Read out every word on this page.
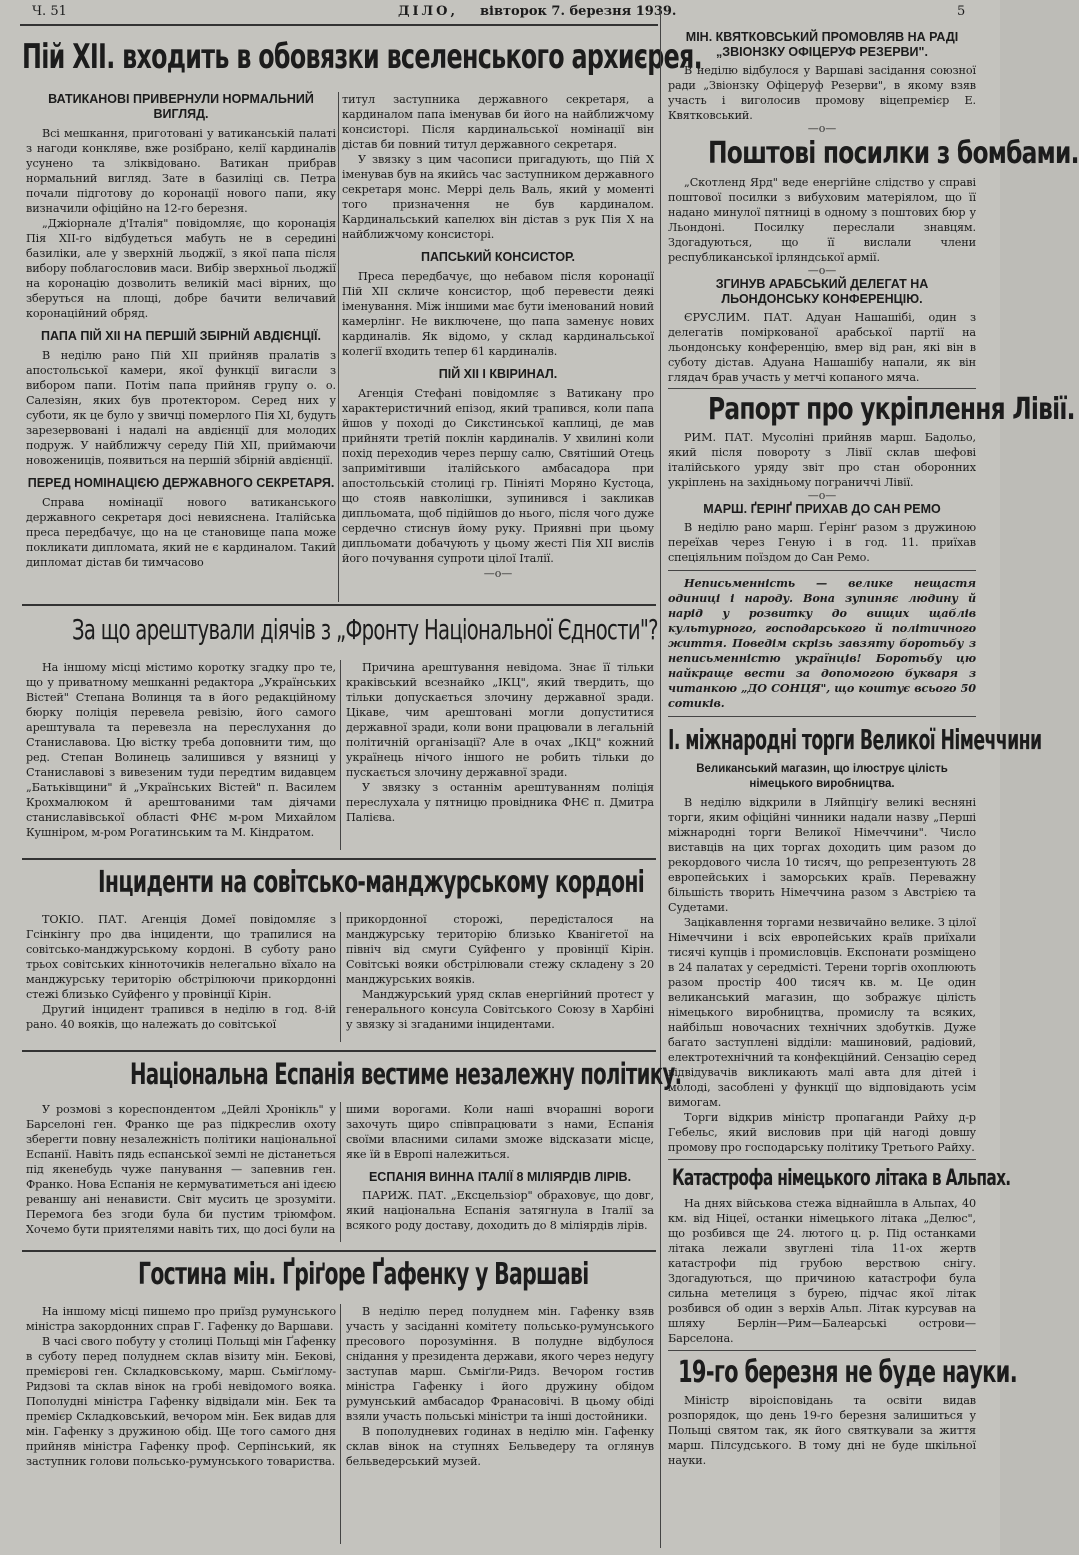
Ч. 51	ДІЛО, вівторок 7. березня 1939.	5
Пій XII. входить в обовязки вселенського архиєрея.

ВАТИКАНОВІ ПРИВЕРНУЛИ НОРМАЛЬНИЙ ВИГЛЯД.

Всі мешкання, приготовані у ватиканській палаті з нагоди конкляве, вже розібрано, келії кардиналів усунено та зліквідовано. Ватикан прибрав нормальний вигляд. Зате в базиліці св. Петра почали підготову до коронації нового папи, яку визначили офіційно на 12-го березня.

„Джіорнале д'Італія" повідомляє, що коронація Пія XII-го відбудеться мабуть не в середині базиліки, але у зверхній льоджії, з якої папа після вибору поблагословив маси. Вибір зверхньої льоджії на коронацію дозволить великій масі вірних, що зберуться на площі, добре бачити величавий коронаційний обряд.

ПАПА ПІЙ XII НА ПЕРШІЙ ЗБІРНІЙ АВДІЄНЦІЇ.

В неділю рано Пій XII прийняв пралатів з апостольської камери, якої функції вигасли з вибором папи. Потім папа прийняв групу о. о. Салезіян, яких був протектором. Серед них у суботи, як це було у звичці померлого Пія XI, будуть зарезервовані і надалі на авдієнції для молодих подруж. У найближчу середу Пій XII, приймаючи новожениців, появиться на першій збірній авдієнції.

ПЕРЕД НОМІНАЦІЄЮ ДЕРЖАВНОГО СЕКРЕТАРЯ.

Справа номінації нового ватиканського державного секретаря досі невияснена. Італійська преса передбачує, що на це становище папа може покликати дипломата, який не є кардиналом. Такий дипломат дістав би тимчасово

титул заступника державного секретаря, а кардиналом папа іменував би його на найближчому консисторі. Після кардинальської номінації він дістав би повний титул державного секретаря.

У звязку з цим часописи пригадують, що Пій X іменував був на якийсь час заступником державного секретаря монс. Меррі дель Валь, який у моменті того призначення не був кардиналом. Кардинальський капелюх він дістав з рук Пія X на найближчому консисторі.

ПАПСЬКИЙ КОНСИСТОР.

Преса передбачує, що небавом після коронації Пій XII скличе консистор, щоб перевести деякі іменування. Між іншими має бути іменований новий камерлінг. Не виключене, що папа заменує нових кардиналів. Як відомо, у склад кардинальської колегії входить тепер 61 кардиналів.

ПІЙ XII І КВІРИНАЛ.

Агенція Стефані повідомляє з Ватикану про характеристичний епізод, який трапився, коли папа йшов у поході до Сикстинської каплиці, де мав прийняти третій поклін кардиналів. У хвилині коли похід переходив через першу салю, Святіший Отець запримітивши італійського амбасадора при апостольській столиці гр. Пініяті Моряно Кустоца, що стояв навколішки, зупинився і закликав дипльомата, щоб підійшов до нього, після чого дуже сердечно стиснув йому руку. Приявні при цьому дипльомати добачують у цьому жесті Пія XII вислів його почування супроти цілої Італії.

—о—

За що арештували діячів з „Фронту Національної Єдности"?

На іншому місці містимо коротку згадку про те, що у приватному мешканні редактора „Українських Вістей" Степана Волинця та в його редакційному бюрку поліція перевела ревізію, його самого арештувала та перевезла на переслухання до Станиславова. Цю вістку треба доповнити тим, що ред. Степан Волинець залишився у вязниці у Станиславові з вивезеним туди передтим видавцем „Батьківщини" й „Українських Вістей" п. Василем Крохмалюком й арештованими там діячами станиславівської області ФНЄ м-ром Михайлом Кушніром, м-ром Рогатинським та М. Кіндратом.

Причина арештування невідома. Знає її тільки краківський всезнайко „ІКЦ", який твердить, що тільки допускається злочину державної зради. Цікаве, чим арештовані могли допуститися державної зради, коли вони працювали в легальній політичній організації? Але в очах „ІКЦ" кожний українець нічого іншого не робить тільки до пускається злочину державної зради.

У звязку з останнім арештуванням поліція переслухала у пятницю провідника ФНЄ п. Дмитра Палієва.

Інциденти на совітсько-манджурському кордоні

ТОКІО. ПАТ. Агенція Домеї повідомляє з Гсінкінгу про два інциденти, що трапилися на совітсько-манджурському кордоні. В суботу рано трьох совітських кінноточиків нелегально вїхало на манджурську територію обстрілюючи прикордонні стежі близько Суйфенго у провінції Кірін.

Другий інцидент трапився в неділю в год. 8-ій рано. 40 вояків, що належать до совітської

прикордонної сторожі, передісталося на манджурську територію близько Кванігетої на північ від смуги Суйфенго у провінції Кірін. Совітські вояки обстрілювали стежу складену з 20 манджурських вояків.

Манджурський уряд склав енергійний протест у генерального консула Совітського Союзу в Харбіні у звязку зі згаданими інцидентами.

Національна Еспанія вестиме незалежну політику.

У розмові з кореспондентом „Дейлі Хронікль" у Барселоні ген. Франко ще раз підкреслив охоту зберегти повну незалежність політики національної Еспанії. Навіть пядь еспанської землі не дістанеться під якенебудь чуже панування — запевнив ген. Франко. Нова Еспанія не кермуватиметься ані ідеєю реваншу ані ненависти. Світ мусить це зрозуміти. Перемога без згоди була би пустим тріюмфом. Хочемо бути приятелями навіть тих, що досі були на

шими ворогами. Коли наші вчорашні вороги захочуть щиро співпрацювати з нами, Еспанія своїми власними силами зможе відсказати місце, яке їй в Европі належиться.

ЕСПАНІЯ ВИННА ІТАЛІЇ 8 МІЛІЯРДІВ ЛІРІВ.

ПАРИЖ. ПАТ. „Ексцельзіор" обраховує, що довг, який національна Еспанія затягнула в Італії за всякого роду доставу, доходить до 8 міліярдів лірів.

Гостина мін. Ґріґоре Ґафенку у Варшаві

На іншому місці пишемо про приїзд румунського міністра закордонних справ Г. Гафенку до Варшави.

В часі свого побуту у столиці Польщі мін Ґафенку в суботу перед полуднем склав візиту мін. Бекові, премієрові ген. Складковському, марш. Сьміґлому-Ридзові та склав вінок на гробі невідомого вояка. Пополудні міністра Гафенку відвідали мін. Бек та премієр Складковський, вечором мін. Бек видав для мін. Гафенку з дружиною обід. Ще того самого дня прийняв міністра Гафенку проф. Серпінський, як заступник голови польсько-румунського товариства.

В неділю перед полуднем мін. Гафенку взяв участь у засіданні комітету польсько-румунського пресового порозуміння. В полудне відбулося снідання у президента держави, якого через недугу заступав марш. Сьміґли-Ридз. Вечором гостив міністра Гафенку і його дружину обідом румунський амбасадор Франасовічі. В цьому обіді взяли участь польські міністри та інші достойники.

В пополудневих годинах в неділю мін. Гафенку склав вінок на ступнях Бельведеру та оглянув бельведерський музей.

МІН. КВЯТКОВСЬКИЙ ПРОМОВЛЯВ НА РАДІ „ЗВІОНЗКУ ОФІЦЕРУФ РЕЗЕРВИ".

В неділю відбулося у Варшаві засідання союзної ради „Звіонзку Офіцеруф Резерви", в якому взяв участь і виголосив промову віцепремієр Е. Квятковський.

—о—

Поштові посилки з бомбами.

„Скотленд Ярд" веде енергійне слідство у справі поштової посилки з вибуховим матеріялом, що її надано минулої пятниці в одному з поштових бюр у Льондоні. Посилку переслали знавцям. Здогадуються, що її вислали члени республиканської ірляндської армії.

—о—

ЗГИНУВ АРАБСЬКИЙ ДЕЛЕГАТ НА ЛЬОНДОНСЬКУ КОНФЕРЕНЦІЮ.

ЄРУСЛИМ. ПАТ. Адуан Нашашібі, один з делегатів поміркованої арабської партії на льондонську конференцію, вмер від ран, які він в суботу дістав. Адуана Нашашібу напали, як він глядач брав участь у метчі копаного мяча.

Рапорт про укріплення Лівії.

РИМ. ПАТ. Мусоліні прийняв марш. Бадольо, який після повороту з Лівії склав шефові італійського уряду звіт про стан оборонних укріплень на західньому пограниччі Лівії.

—о—

МАРШ. ҐЕРІНҐ ПРИХАВ ДО САН РЕМО

В неділю рано марш. Ґерінґ разом з дружиною переїхав через Геную і в год. 11. приїхав спеціяльним поїздом до Сан Ремо.

Неписьменність — велике нещастя одиниці і народу. Вона зупиняє людину й нарід у розвитку до вищих щаблів культурного, господарського й політичного життя. Поведім скрізь завзяту боротьбу з неписьменністю українців! Боротьбу цю найкраще вести за допомогою букваря з читанкою „ДО СОНЦЯ", що коштує всього 50 сотиків.

І. міжнародні торги Великої Німеччини

Великанський магазин, що ілюструє цілість німецького виробництва.

В неділю відкрили в Ляйпціґу великі весняні торги, яким офіційні чинники надали назву „Перші міжнародні торги Великої Німеччини". Число виставців на цих торгах доходить цим разом до рекордового числа 10 тисяч, що репрезентують 28 европейських і заморських країв. Переважну більшість творить Німеччина разом з Австрією та Судетами.

Зацікавлення торгами незвичайно велике. З цілої Німеччини і всіх европейських країв приїхали тисячі купців і промисловців. Експонати розміщено в 24 палатах у середмісті. Терени торгів охоплюють разом простір 400 тисяч кв. м. Це один великанський магазин, що зображує цілість німецького виробництва, промислу та всяких, найбільш новочасних технічних здобутків. Дуже багато заступлені відділи: машиновий, радіовий, електротехнічний та конфекційний. Сензацію серед відвідувачів викликають малі авта для дітей і молоді, засоблені у функції що відповідають усім вимогам.

Торги відкрив міністр пропаганди Райху д-р Гебельс, який висловив при цій нагоді довшу промову про господарську політику Третього Райху.

Катастрофа німецького літака в Альпах.

На днях військова стежа віднайшла в Альпах, 40 км. від Ніцеї, останки німецького літака „Делюс", що розбився ще 24. лютого ц. р. Під останками літака лежали звуглені тіла 11-ох жертв катастрофи під грубою верствою снігу. Здогадуються, що причиною катастрофи була сильна метелиця з бурею, підчас якої літак розбився об один з верхів Альп. Літак курсував на шляху Берлін—Рим—Балеарські острови—Барселона.

19-го березня не буде науки.

Міністр віроісповідань та освіти видав розпорядок, що день 19-го березня залишиться у Польщі святом так, як його святкували за життя марш. Пілсудського. В тому дні не буде шкільної науки.
